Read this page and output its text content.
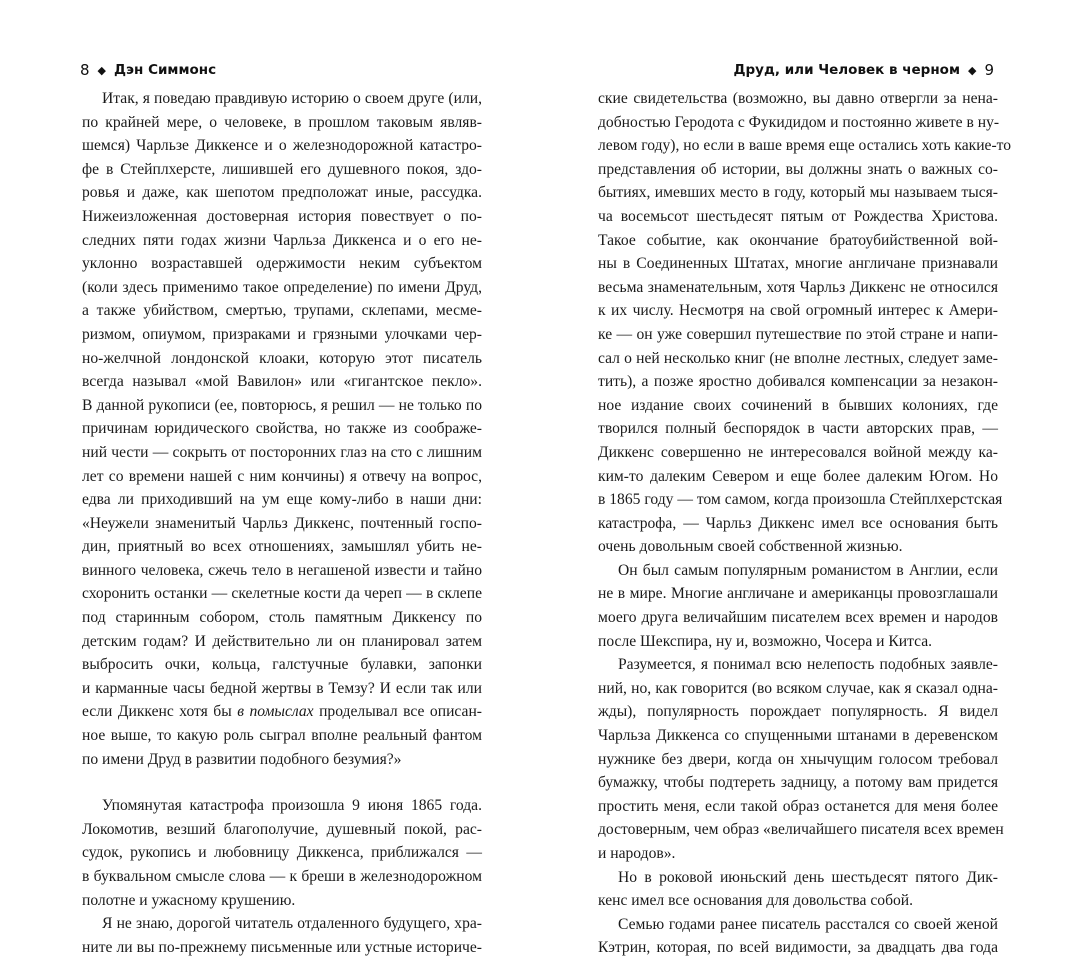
8 ◆ Дэн Симмонс
Итак, я поведаю правдивую историю о своем друге (или,
по крайней мере, о человеке, в прошлом таковым являв-
шемся) Чарльзе Диккенсе и о железнодорожной катастро-
фе в Стейплхерсте, лишившей его душевного покоя, здо-
ровья и даже, как шепотом предположат иные, рассудка.
Нижеизложенная достоверная история повествует о по-
следних пяти годах жизни Чарльза Диккенса и о его не-
уклонно возраставшей одержимости неким субъектом
(коли здесь применимо такое определение) по имени Друд,
а также убийством, смертью, трупами, склепами, месме-
ризмом, опиумом, призраками и грязными улочками чер-
но-желчной лондонской клоаки, которую этот писатель
всегда называл «мой Вавилон» или «гигантское пекло».
В данной рукописи (ее, повторюсь, я решил — не только по
причинам юридического свойства, но также из соображе-
ний чести — сокрыть от посторонних глаз на сто с лишним
лет со времени нашей с ним кончины) я отвечу на вопрос,
едва ли приходивший на ум еще кому-либо в наши дни:
«Неужели знаменитый Чарльз Диккенс, почтенный госпо-
дин, приятный во всех отношениях, замышлял убить не-
винного человека, сжечь тело в негашеной извести и тайно
схоронить останки — скелетные кости да череп — в склепе
под старинным собором, столь памятным Диккенсу по
детским годам? И действительно ли он планировал затем
выбросить очки, кольца, галстучные булавки, запонки
и карманные часы бедной жертвы в Темзу? И если так или
если Диккенс хотя бы в помыслах проделывал все описан-
ное выше, то какую роль сыграл вполне реальный фантом
по имени Друд в развитии подобного безумия?»
Упомянутая катастрофа произошла 9 июня 1865 года.
Локомотив, везший благополучие, душевный покой, рас-
судок, рукопись и любовницу Диккенса, приближался —
в буквальном смысле слова — к бреши в железнодорожном
полотне и ужасному крушению.
Я не знаю, дорогой читатель отдаленного будущего, хра-
ните ли вы по-прежнему письменные или устные историче-
Друд, или Человек в черном ◆ 9
ские свидетельства (возможно, вы давно отвергли за нена-
добностью Геродота с Фукидидом и постоянно живете в ну-
левом году), но если в ваше время еще остались хоть какие-то
представления об истории, вы должны знать о важных со-
бытиях, имевших место в году, который мы называем тыся-
ча восемьсот шестьдесят пятым от Рождества Христова.
Такое событие, как окончание братоубийственной вой-
ны в Соединенных Штатах, многие англичане признавали
весьма знаменательным, хотя Чарльз Диккенс не относился
к их числу. Несмотря на свой огромный интерес к Амери-
ке — он уже совершил путешествие по этой стране и напи-
сал о ней несколько книг (не вполне лестных, следует заме-
тить), а позже яростно добивался компенсации за незакон-
ное издание своих сочинений в бывших колониях, где
творился полный беспорядок в части авторских прав, —
Диккенс совершенно не интересовался войной между ка-
ким-то далеким Севером и еще более далеким Югом. Но
в 1865 году — том самом, когда произошла Стейплхерстская
катастрофа, — Чарльз Диккенс имел все основания быть
очень довольным своей собственной жизнью.
Он был самым популярным романистом в Англии, если
не в мире. Многие англичане и американцы провозглашали
моего друга величайшим писателем всех времен и народов
после Шекспира, ну и, возможно, Чосера и Китса.
Разумеется, я понимал всю нелепость подобных заявле-
ний, но, как говорится (во всяком случае, как я сказал одна-
жды), популярность порождает популярность. Я видел
Чарльза Диккенса со спущенными штанами в деревенском
нужнике без двери, когда он хнычущим голосом требовал
бумажку, чтобы подтереть задницу, а потому вам придется
простить меня, если такой образ останется для меня более
достоверным, чем образ «величайшего писателя всех времен
и народов».
Но в роковой июньский день шестьдесят пятого Дик-
кенс имел все основания для довольства собой.
Семью годами ранее писатель расстался со своей женой
Кэтрин, которая, по всей видимости, за двадцать два года
